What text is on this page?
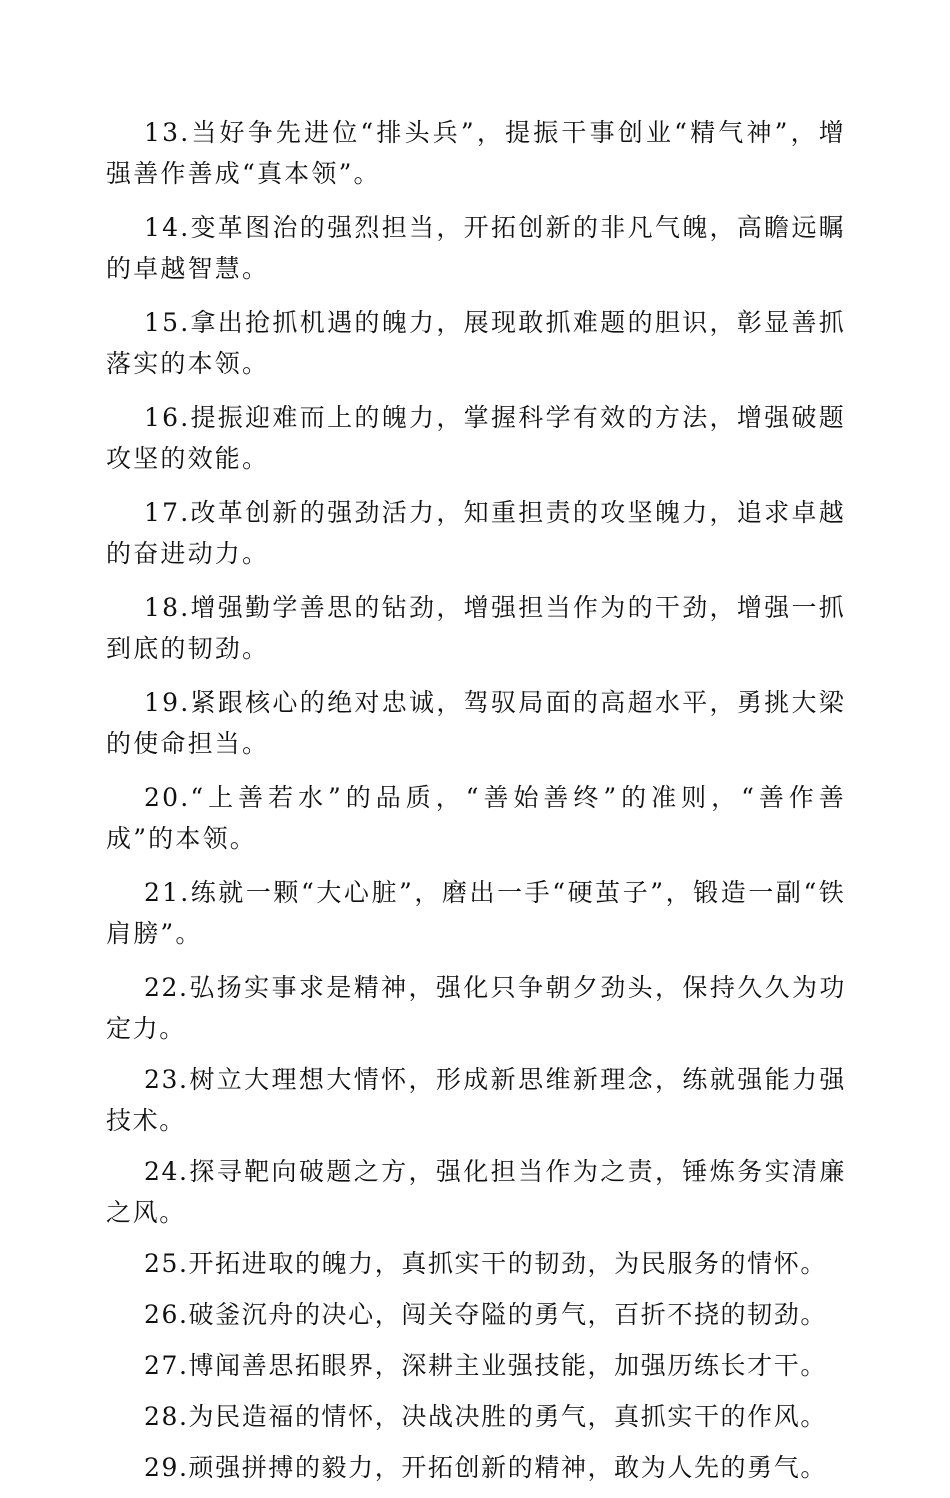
13.当好争先进位“排头兵”，提振干事创业“精气神”，增强善作善成“真本领”。

14.变革图治的强烈担当，开拓创新的非凡气魄，高瞻远瞩的卓越智慧。

15.拿出抢抓机遇的魄力，展现敢抓难题的胆识，彰显善抓落实的本领。

16.提振迎难而上的魄力，掌握科学有效的方法，增强破题攻坚的效能。

17.改革创新的强劲活力，知重担责的攻坚魄力，追求卓越的奋进动力。

18.增强勤学善思的钻劲，增强担当作为的干劲，增强一抓到底的韧劲。

19.紧跟核心的绝对忠诚，驾驭局面的高超水平，勇挑大梁的使命担当。

20.“上善若水”的品质，“善始善终”的准则，“善作善成”的本领。

21.练就一颗“大心脏”，磨出一手“硬茧子”，锻造一副“铁肩膀”。

22.弘扬实事求是精神，强化只争朝夕劲头，保持久久为功定力。

23.树立大理想大情怀，形成新思维新理念，练就强能力强技术。

24.探寻靶向破题之方，强化担当作为之责，锤炼务实清廉之风。

25.开拓进取的魄力，真抓实干的韧劲，为民服务的情怀。

26.破釜沉舟的决心，闯关夺隘的勇气，百折不挠的韧劲。

27.博闻善思拓眼界，深耕主业强技能，加强历练长才干。

28.为民造福的情怀，决战决胜的勇气，真抓实干的作风。

29.顽强拼搏的毅力，开拓创新的精神，敢为人先的勇气。
